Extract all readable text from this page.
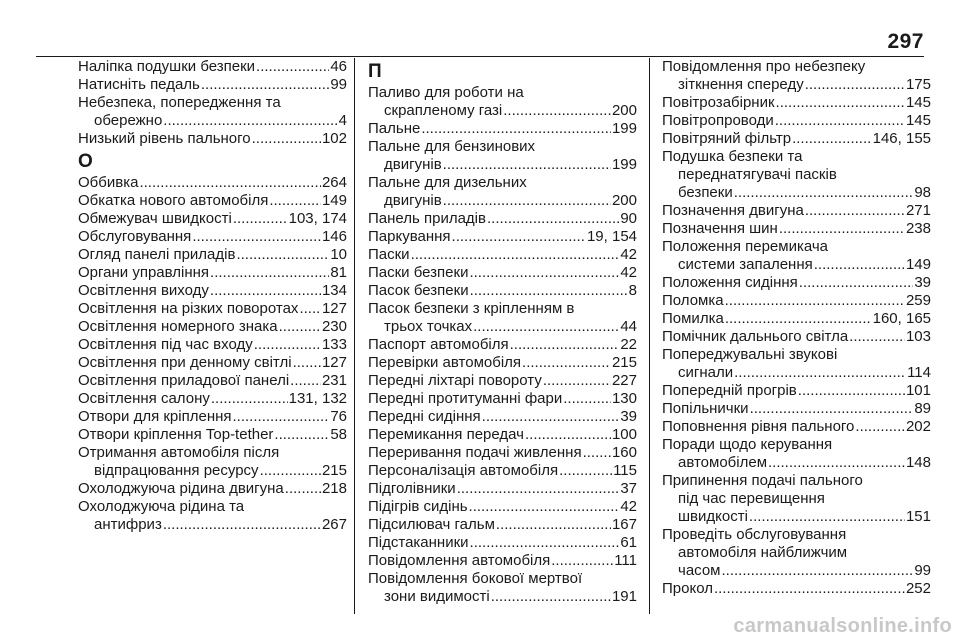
297
Наліпка подушки безпеки .....	46
Натисніть педаль .....	99
Небезпека, попередження та
обережно .....	4
Низький рівень пального .....	102
О
Оббивка .....	264
Обкатка нового автомобіля .....	149
Обмежувач швидкості .....	103, 174
Обслуговування .....	146
Огляд панелі приладів .....	10
Органи управління .....	81
Освітлення виходу .....	134
Освітлення на різких поворотах ..... 127
Освітлення номерного знака .....	230
Освітлення під час входу .....	133
Освітлення при денному світлі ..... 127
Освітлення приладової панелі ..... 231
Освітлення салону .....	131, 132
Отвори для кріплення .....	76
Отвори кріплення Top-tether .....	58
Отримання автомобіля після
відпрацювання ресурсу .....	215
Охолоджуюча рідина двигуна .....	218
Охолоджуюча рідина та
антифриз .....	267
П
Паливо для роботи на
скрапленому газі .....	200
Пальне .....	199
Пальне для бензинових
двигунів .....	199
Пальне для дизельних
двигунів .....	200
Панель приладів .....	90
Паркування .....	19, 154
Паски .....	42
Паски безпеки .....	42
Пасок безпеки .....	8
Пасок безпеки з кріпленням в
трьох точках .....	44
Паспорт автомобіля .....	22
Перевірки автомобіля .....	215
Передні ліхтарі повороту .....	227
Передні протитуманні фари .....	130
Передні сидіння .....	39
Перемикання передач .....	100
Переривання подачі живлення ..... 160
Персоналізація автомобіля .....	115
Підголівники .....	37
Підігрів сидінь .....	42
Підсилювач гальм .....	167
Підстаканники .....	61
Повідомлення автомобіля .....	111
Повідомлення бокової мертвої
зони видимості .....	191
Повідомлення про небезпеку
зіткнення спереду .....	175
Повітрозабірник .....	145
Повітропроводи .....	145
Повітряний фільтр .....	146, 155
Подушка безпеки та
переднатягувачі пасків
безпеки .....	98
Позначення двигуна .....	271
Позначення шин .....	238
Положення перемикача
системи запалення .....	149
Положення сидіння .....	39
Поломка .....	259
Помилка .....	160, 165
Помічник дальнього світла .....	103
Попереджувальні звукові
сигнали .....	114
Попередній прогрів .....	101
Попільнички .....	89
Поповнення рівня пального .....	202
Поради щодо керування
автомобілем .....	148
Припинення подачі пального
під час перевищення
швидкості .....	151
Проведіть обслуговування
автомобіля найближчим
часом .....	99
Прокол .....	252
carmanualsonline.info
